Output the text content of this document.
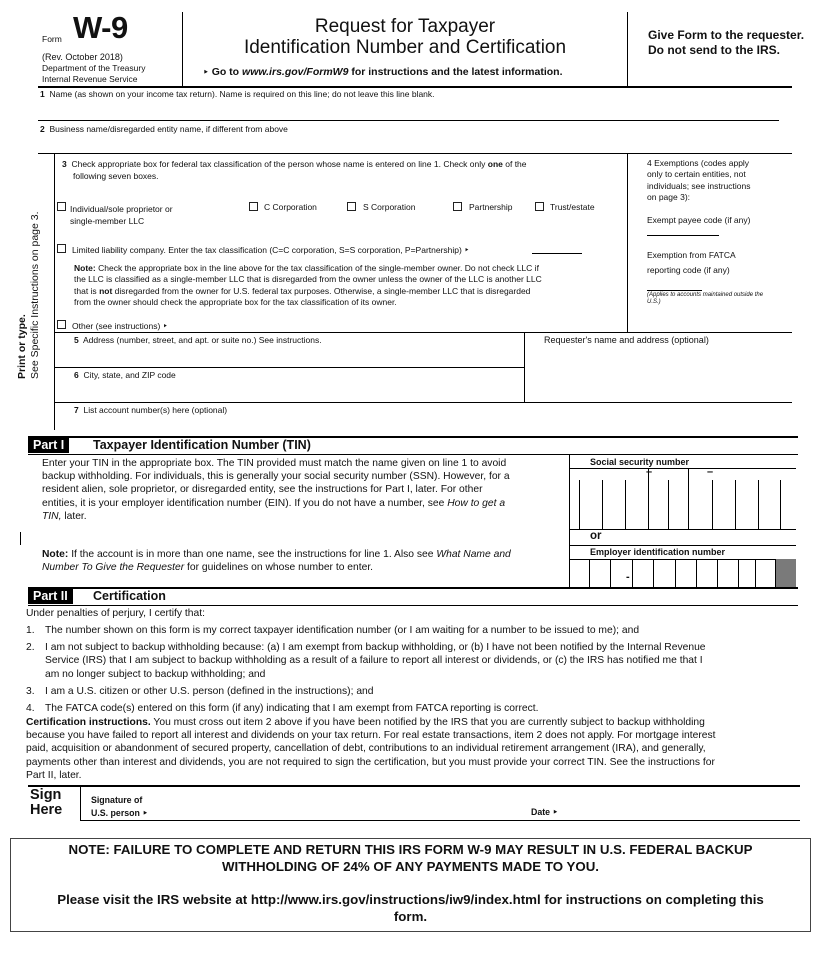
Form W-9
(Rev. October 2018)
Department of the Treasury
Internal Revenue Service
Request for Taxpayer
Identification Number and Certification
‣ Go to www.irs.gov/FormW9 for instructions and the latest information.
Give Form to the requester. Do not send to the IRS.
1 Name (as shown on your income tax return). Name is required on this line; do not leave this line blank.
2 Business name/disregarded entity name, if different from above
Print or type. See Specific Instructions on page 3.
3 Check appropriate box for federal tax classification of the person whose name is entered on line 1. Check only one of the
following seven boxes.
Individual/sole proprietor or
single-member LLC
C Corporation	S Corporation	Partnership	Trust/estate
Limited liability company. Enter the tax classification (C=C corporation, S=S corporation, P=Partnership) ‣
Note: Check the appropriate box in the line above for the tax classification of the single-member owner. Do not check LLC if
the LLC is classified as a single-member LLC that is disregarded from the owner unless the owner of the LLC is another LLC
that is not disregarded from the owner for U.S. federal tax purposes. Otherwise, a single-member LLC that is disregarded
from the owner should check the appropriate box for the tax classification of its owner.
Other (see instructions) ‣
4 Exemptions (codes apply
only to certain entities, not
individuals; see instructions
on page 3):
Exempt payee code (if any)
Exemption from FATCA
reporting code (if any)
(Applies to accounts maintained outside the
U.S.)
5 Address (number, street, and apt. or suite no.) See instructions.	Requester's name and address (optional)
6 City, state, and ZIP code
7 List account number(s) here (optional)
Part I	Taxpayer Identification Number (TIN)
Enter your TIN in the appropriate box. The TIN provided must match the name given on line 1 to avoid
backup withholding. For individuals, this is generally your social security number (SSN). However, for a
resident alien, sole proprietor, or disregarded entity, see the instructions for Part I, later. For other
entities, it is your employer identification number (EIN). If you do not have a number, see How to get a
TIN, later.
Note: If the account is in more than one name, see the instructions for line 1. Also see What Name and
Number To Give the Requester for guidelines on whose number to enter.
Social security number
–	–
or
Employer identification number
-
Part II	Certification
Under penalties of perjury, I certify that:
1.	The number shown on this form is my correct taxpayer identification number (or I am waiting for a number to be issued to me); and
2.	I am not subject to backup withholding because: (a) I am exempt from backup withholding, or (b) I have not been notified by the Internal Revenue
Service (IRS) that I am subject to backup withholding as a result of a failure to report all interest or dividends, or (c) the IRS has notified me that I
am no longer subject to backup withholding; and
3.	I am a U.S. citizen or other U.S. person (defined in the instructions); and
4.	The FATCA code(s) entered on this form (if any) indicating that I am exempt from FATCA reporting is correct.
Certification instructions. You must cross out item 2 above if you have been notified by the IRS that you are currently subject to backup withholding
because you have failed to report all interest and dividends on your tax return. For real estate transactions, item 2 does not apply. For mortgage interest
paid, acquisition or abandonment of secured property, cancellation of debt, contributions to an individual retirement arrangement (IRA), and generally,
payments other than interest and dividends, you are not required to sign the certification, but you must provide your correct TIN. See the instructions for
Part II, later.
Sign
Here
Signature of
U.S. person ‣	Date ‣
NOTE: FAILURE TO COMPLETE AND RETURN THIS IRS FORM W-9 MAY RESULT IN U.S. FEDERAL BACKUP
WITHHOLDING OF 24% OF ANY PAYMENTS MADE TO YOU.
Please visit the IRS website at http://www.irs.gov/instructions/iw9/index.html for instructions on completing this
form.
